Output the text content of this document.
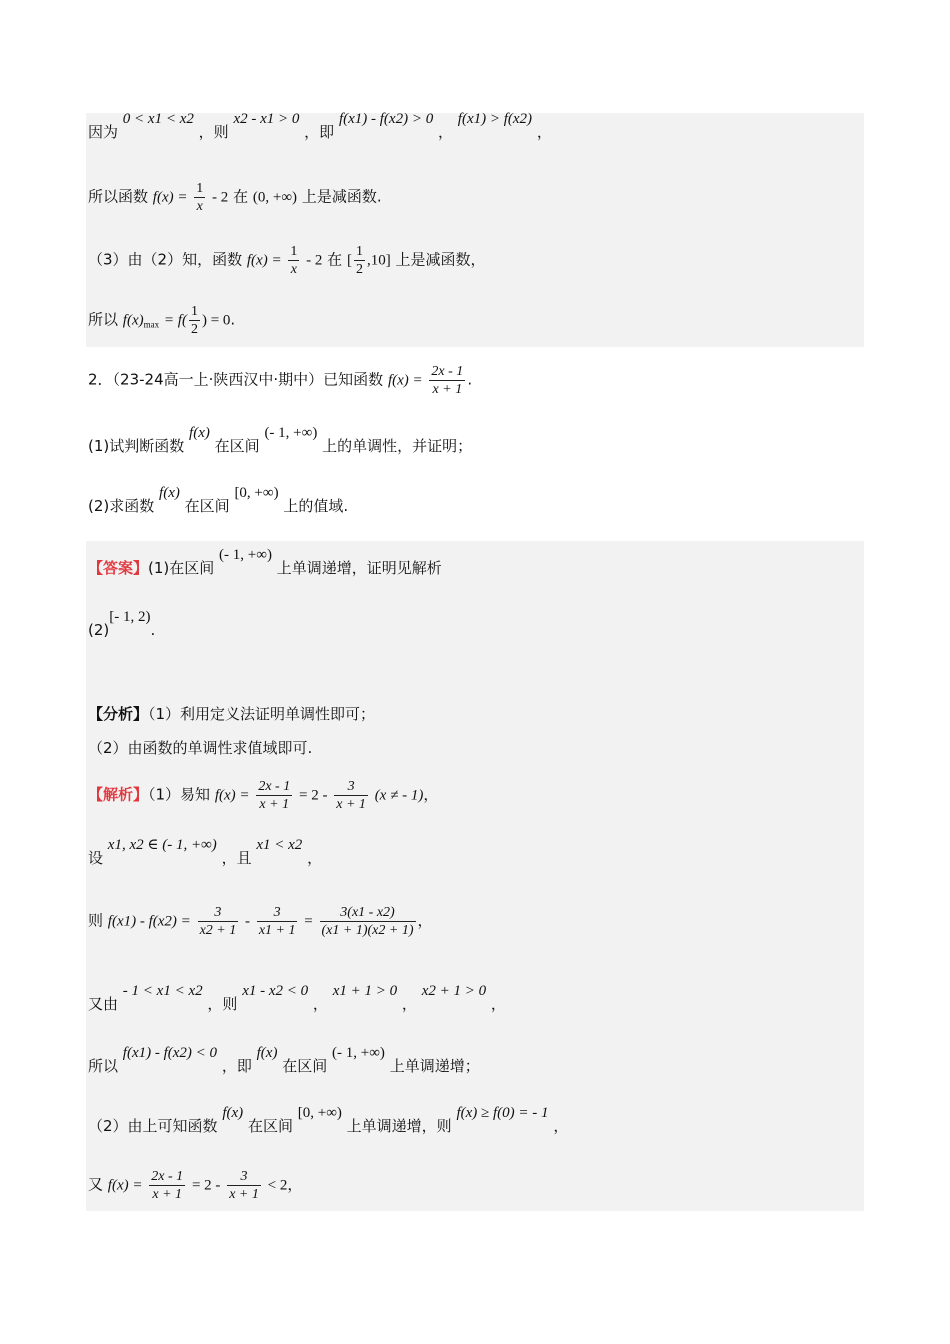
因为 0 < x1 < x2 ，则 x2 - x1 > 0 ，即 f(x1) - f(x2) > 0 ， f(x1) > f(x2) ，
所以函数 $f(x) = \frac{1}{x} - 2$ 在 (0, +∞) 上是减函数.
（3）由（2）知，函数 $f(x) = \frac{1}{x} - 2$ 在 [ $\frac{1}{2} ,10$] 上是减函数，
所以 $f(x)_{max} = f( \frac{1}{2}$ ) = 0.
2．（23-24高一上·陕西汉中·期中）已知函数 $f(x) = \frac{2x - 1}{x + 1}$ .
(1)试判断函数 f(x) 在区间 (- 1, +∞) 上的单调性，并证明；
(2)求函数 f(x) 在区间 [0, +∞) 上的值域.
【答案】(1)在区间 (- 1, +∞) 上单调递增，证明见解析
(2)[- 1, 2).
【分析】（1）利用定义法证明单调性即可；
（2）由函数的单调性求值域即可.
【解析】（1）易知 $f(x) = \frac{2x - 1}{x + 1} = 2 - \frac{3}{x + 1} (x$ ≠ - 1)，
设 x1, x2 ∈ (- 1, +∞) ，且 x1 < x2 ，
则 $f(x1) - f(x2) = \frac{3}{x2 + 1} - \frac{3}{x1 + 1} = \frac{3(x1 - x2)}{(x1 + 1)(x2 + 1)}$ ，
又由 - 1 < x1 < x2 ，则 x1 - x2 < 0 ， x1 + 1 > 0 ， x2 + 1 > 0 ，
所以 f(x1) - f(x2) < 0 ，即 f(x) 在区间 (- 1, +∞) 上单调递增；
（2）由上可知函数 f(x) 在区间 [0, +∞) 上单调递增，则 f(x) ≥ f(0) = - 1 ，
又 $f(x) = \frac{2x - 1}{x + 1} = 2 - \frac{3}{x + 1} < 2$，
